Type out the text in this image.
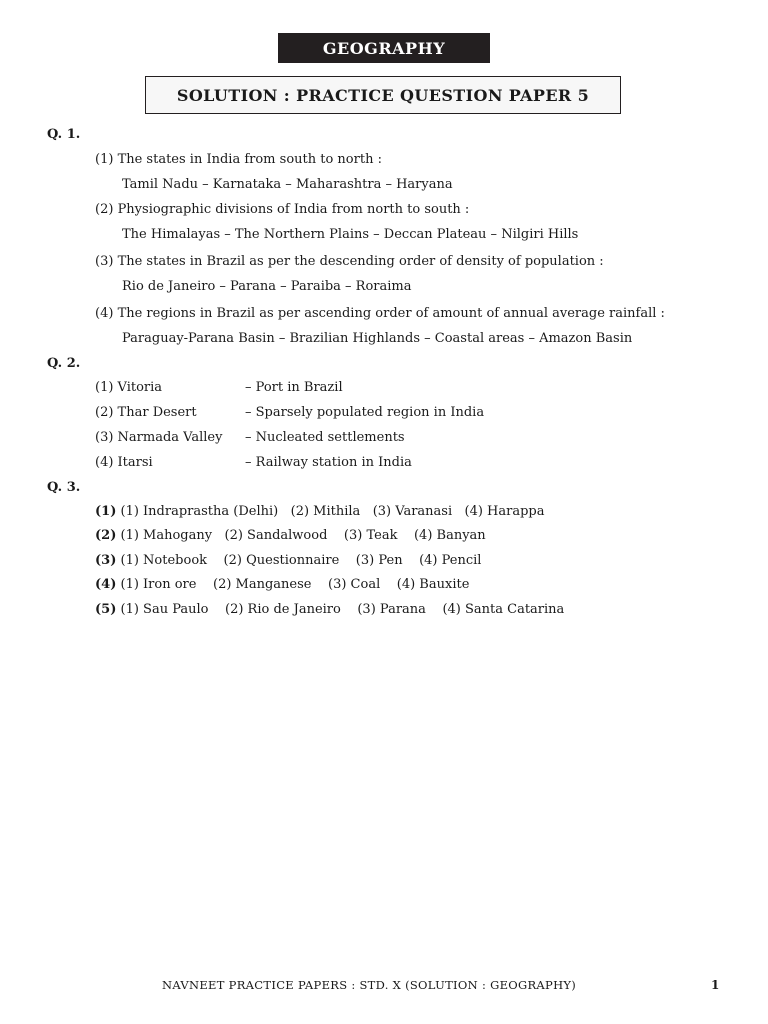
GEOGRAPHY
SOLUTION : PRACTICE QUESTION PAPER 5
Q. 1.
(1) The states in India from south to north :
Tamil Nadu – Karnataka – Maharashtra – Haryana
(2) Physiographic divisions of India from north to south :
The Himalayas – The Northern Plains – Deccan Plateau – Nilgiri Hills
(3) The states in Brazil as per the descending order of density of population :
Rio de Janeiro – Parana – Paraiba – Roraima
(4) The regions in Brazil as per ascending order of amount of annual average rainfall :
Paraguay-Parana Basin – Brazilian Highlands – Coastal areas – Amazon Basin
Q. 2.
(1) Vitoria	– Port in Brazil
(2) Thar Desert	– Sparsely populated region in India
(3) Narmada Valley – Nucleated settlements
(4) Itarsi	– Railway station in India
Q. 3.
(1) (1) Indraprastha (Delhi)   (2) Mithila   (3) Varanasi   (4) Harappa
(2) (1) Mahogany   (2) Sandalwood    (3) Teak    (4) Banyan
(3) (1) Notebook    (2) Questionnaire    (3) Pen    (4) Pencil
(4) (1) Iron ore    (2) Manganese    (3) Coal    (4) Bauxite
(5) (1) Sau Paulo    (2) Rio de Janeiro    (3) Parana    (4) Santa Catarina
NAVNEET PRACTICE PAPERS : STD. X (SOLUTION : GEOGRAPHY)	1
